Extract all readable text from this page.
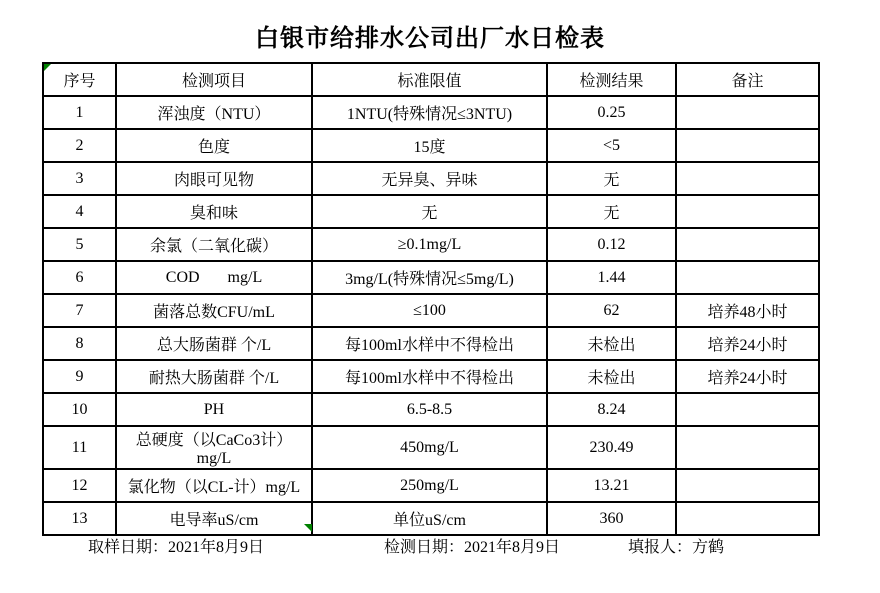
白银市给排水公司出厂水日检表
序号	检测项目	标准限值	检测结果	备注
1	浑浊度（NTU）	1NTU(特殊情况≤3NTU)	0.25	
2	色度	15度	<5	
3	肉眼可见物	无异臭、异味	无	
4	臭和味	无	无	
5	余氯（二氧化碳）	≥0.1mg/L	0.12	
6	COD       mg/L	3mg/L(特殊情况≤5mg/L)	1.44	
7	菌落总数CFU/mL	≤100	62	培养48小时
8	总大肠菌群 个/L	每100ml水样中不得检出	未检出	培养24小时
9	耐热大肠菌群 个/L	每100ml水样中不得检出	未检出	培养24小时
10	PH	6.5-8.5	8.24	
11	总硬度（以CaCo3计）mg/L	450mg/L	230.49	
12	氯化物（以CL-计）mg/L	250mg/L	13.21	
13	电导率uS/cm	单位uS/cm	360	
取样日期：2021年8月9日	检测日期：2021年8月9日	填报人：方鹤
